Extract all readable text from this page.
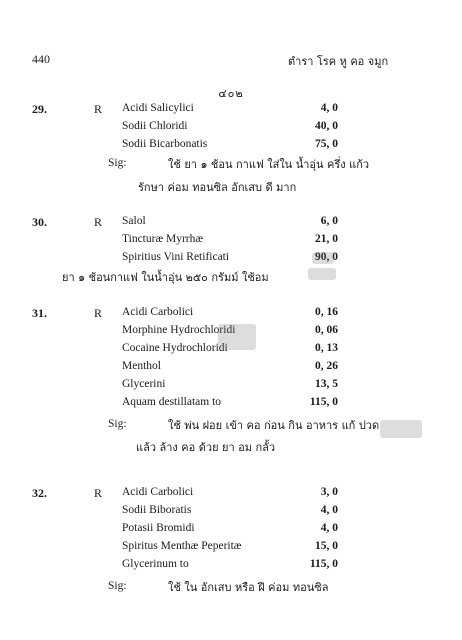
440	ตำรา โรค หู คอ จมูก
๔๐๒
29.	R Acidi Salicylici	4, 0
Sodii Chloridi	40, 0
Sodii Bicarbonatis	75, 0
Sig:	ใช้ ยา ๑ ช้อน กาแฟ ใส่ใน น้ำอุ่น ครึ่ง แก้ว
รักษา ค่อม ทอนซิล อักเสบ ดี มาก
30.	R Salol	6, 0
Tincturæ Myrrhæ	21, 0
Spiritius Vini Retificati	90, 0
ยา ๑ ช้อนกาแฟ ในน้ำอุ่น ๒๕๐ กรัมม์ ใช้อม
31.	R Acidi Carbolici	0, 16
Morphine Hydrochloridi	0, 06
Cocaine Hydrochloridi	0, 13
Menthol	0, 26
Glycerini	13, 5
Aquam destillatam to	115, 0
Sig:	ใช้ พ่น ฝอย เข้า คอ ก่อน กิน อาหาร แก้ ปวด
แล้ว ล้าง คอ ด้วย ยา อม กลั้ว
32.	R Acidi Carbolici	3, 0
Sodii Biboratis	4, 0
Potasii Bromidi	4, 0
Spiritus Menthæ Peperitæ	15, 0
Glycerinum to	115, 0
Sig:	ใช้ ใน อักเสบ หรือ ฝี ค่อม ทอนซิล
